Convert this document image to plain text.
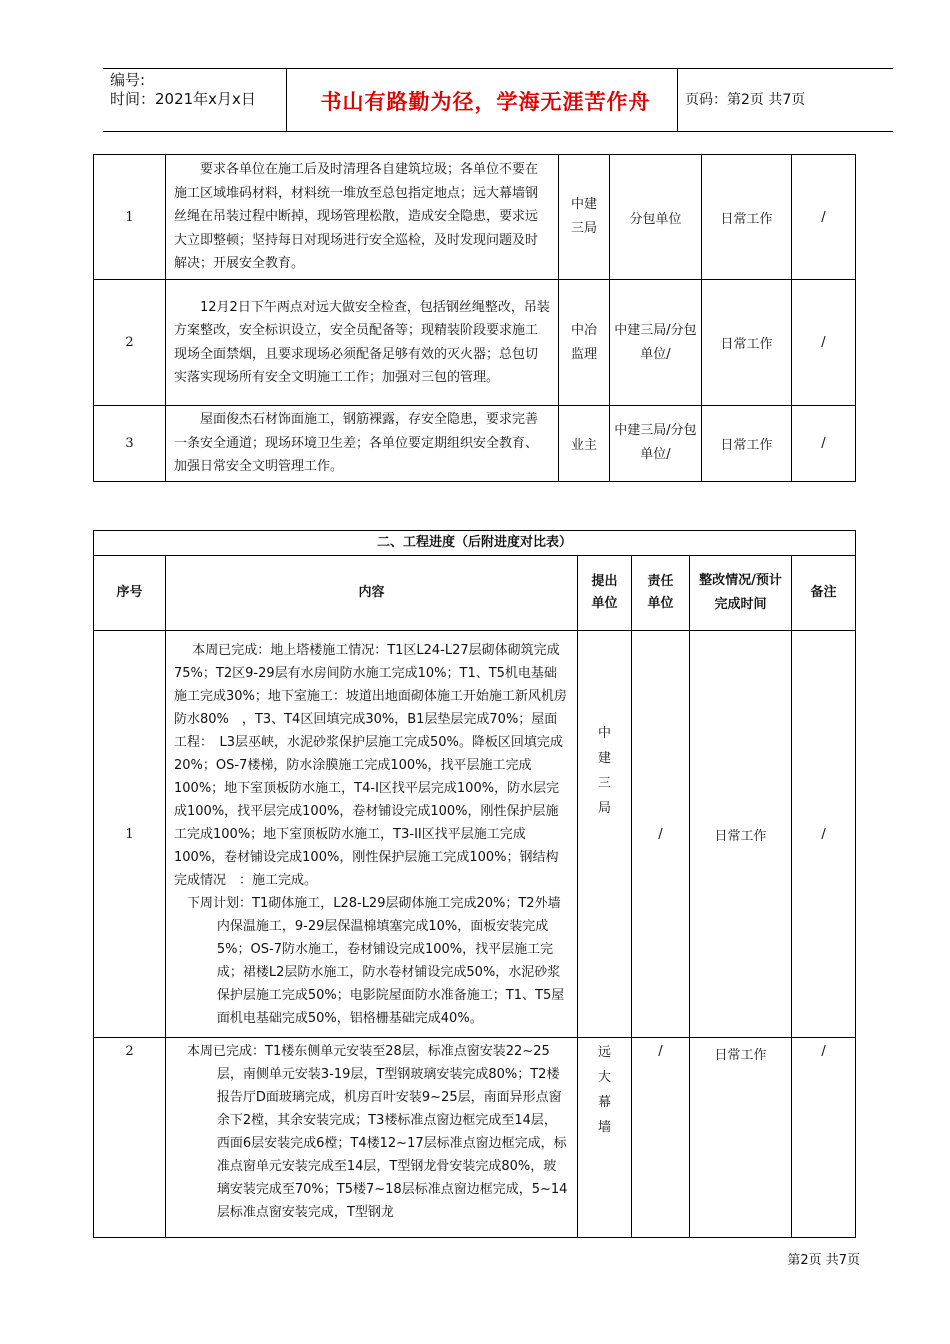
编号:
时间：2021年x月x日	书山有路勤为径，学海无涯苦作舟	页码：第2页 共7页
1	要求各单位在施工后及时清理各自建筑垃圾；各单位不要在施工区域堆码材料，材料统一堆放至总包指定地点；远大幕墙钢丝绳在吊装过程中断掉，现场管理松散，造成安全隐患，要求远大立即整顿；坚持每日对现场进行安全巡检，及时发现问题及时解决；开展安全教育。	中建三局	分包单位	日常工作	/
2	12月2日下午两点对远大做安全检查，包括钢丝绳整改，吊装方案整改，安全标识设立，安全员配备等；现精装阶段要求施工现场全面禁烟，且要求现场必须配备足够有效的灭火器；总包切实落实现场所有安全文明施工工作；加强对三包的管理。	中冶监理	中建三局/分包单位/	日常工作	/
3	屋面俊杰石材饰面施工，钢筋裸露，存安全隐患，要求完善一条安全通道；现场环境卫生差；各单位要定期组织安全教育、加强日常安全文明管理工作。	业主	中建三局/分包单位/	日常工作	/
二、工程进度（后附进度对比表）					
序号	内容	提出单位	责任单位	整改情况/预计完成时间	备注
1	本周已完成：地上塔楼施工情况：T1区L24-L27层砌体砌筑完成75%；T2区9-29层有水房间防水施工完成10%；T1、T5机电基础施工完成30%；地下室施工：坡道出地面砌体施工开始施工新风机房防水80%　，T3、T4区回填完成30%，B1层垫层完成70%；屋面工程：　L3层巫峡，水泥砂浆保护层施工完成50%。降板区回填完成20%；OS-7楼梯，防水涂膜施工完成100%，找平层施工完成100%；地下室顶板防水施工，T4-Ⅰ区找平层完成100%，防水层完成100%，找平层完成100%，卷材铺设完成100%，刚性保护层施工完成100%；地下室顶板防水施工，T3-II区找平层施工完成100%，卷材铺设完成100%，刚性保护层施工完成100%；钢结构完成情况　：施工完成。
下周计划：T1砌体施工，L28-L29层砌体施工完成20%；T2外墙内保温施工，9-29层保温棉填塞完成10%，面板安装完成5%；OS-7防水施工，卷材铺设完成100%，找平层施工完成；裙楼L2层防水施工，防水卷材铺设完成50%，水泥砂浆保护层施工完成50%；电影院屋面防水准备施工；T1、T5屋面机电基础完成50%，铝格栅基础完成40%。	中建三局	/	日常工作	/
2	本周已完成：T1楼东侧单元安装至28层，标准点窗安装22~25层，南侧单元安装3-19层，T型钢玻璃安装完成80%；T2楼报告厅D面玻璃完成，机房百叶安装9~25层，南面异形点窗余下2樘，其余安装完成；T3楼标准点窗边框完成至14层，西面6层安装完成6樘；T4楼12~17层标准点窗边框完成，标准点窗单元安装完成至14层，T型钢龙骨安装完成80%，玻璃安装完成至70%；T5楼7~18层标准点窗边框完成，5~14层标准点窗安装完成，T型钢龙	远大幕墙	/	日常工作	/
第2页 共7页
